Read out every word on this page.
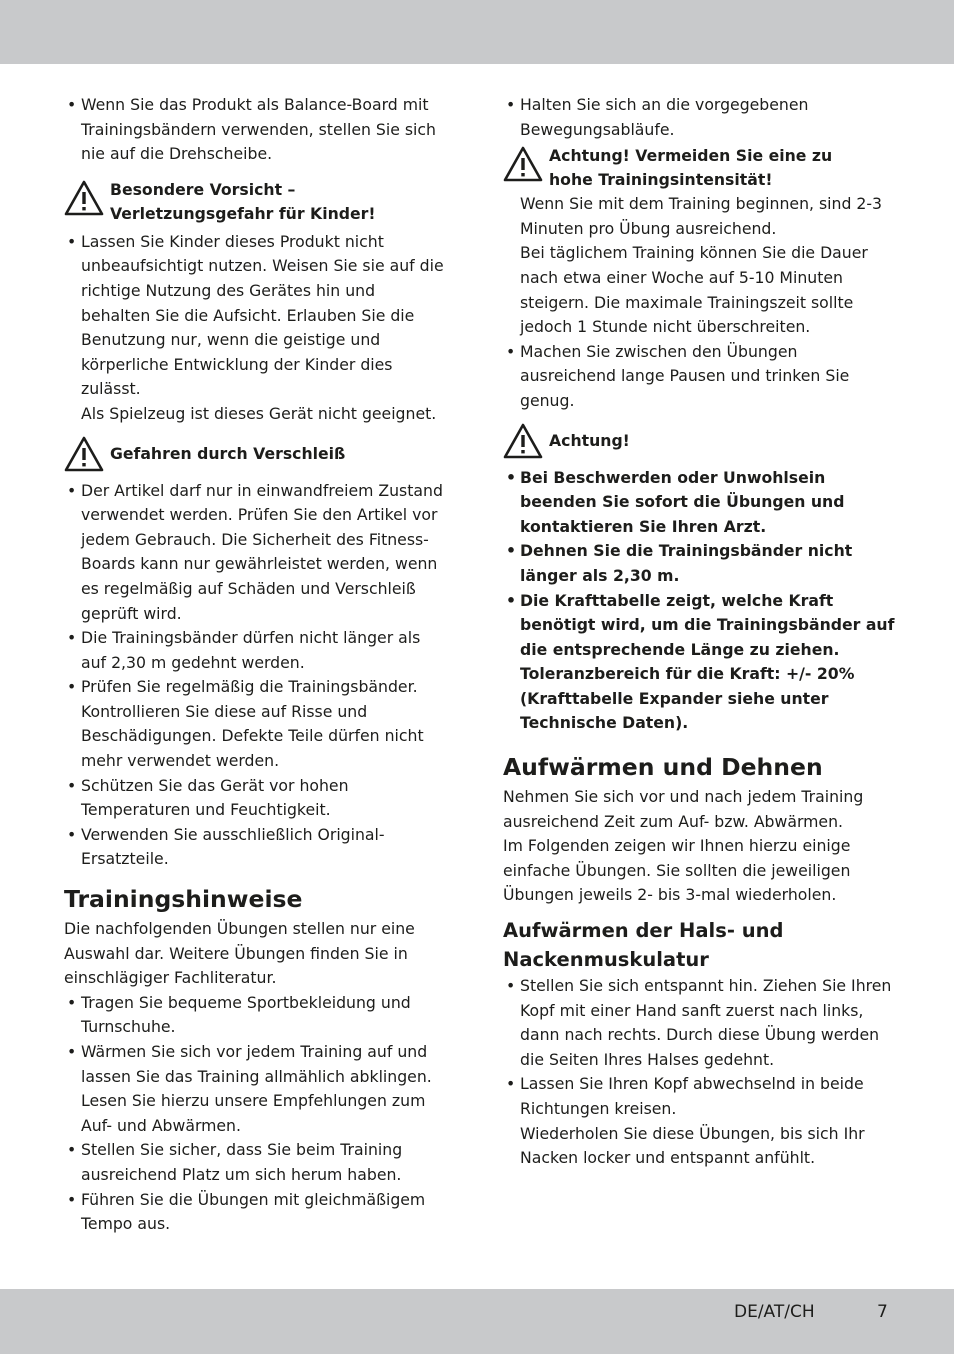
• Wenn Sie das Produkt als Balance-Board mit Trainingsbändern verwenden, stellen Sie sich nie auf die Drehscheibe.
Besondere Vorsicht –
Verletzungsgefahr für Kinder!
• Lassen Sie Kinder dieses Produkt nicht unbeaufsichtigt nutzen. Weisen Sie sie auf die richtige Nutzung des Gerätes hin und behalten Sie die Aufsicht. Erlauben Sie die Benutzung nur, wenn die geistige und körperliche Entwicklung der Kinder dies zulässt.
Als Spielzeug ist dieses Gerät nicht geeignet.
Gefahren durch Verschleiß
• Der Artikel darf nur in einwandfreiem Zustand verwendet werden. Prüfen Sie den Artikel vor jedem Gebrauch. Die Sicherheit des Fitness-Boards kann nur gewährleistet werden, wenn es regelmäßig auf Schäden und Verschleiß geprüft wird.
• Die Trainingsbänder dürfen nicht länger als auf 2,30 m gedehnt werden.
• Prüfen Sie regelmäßig die Trainingsbänder. Kontrollieren Sie diese auf Risse und Beschädigungen. Defekte Teile dürfen nicht mehr verwendet werden.
• Schützen Sie das Gerät vor hohen Temperaturen und Feuchtigkeit.
• Verwenden Sie ausschließlich Original-Ersatzteile.
Trainingshinweise
Die nachfolgenden Übungen stellen nur eine Auswahl dar. Weitere Übungen finden Sie in einschlägiger Fachliteratur.
• Tragen Sie bequeme Sportbekleidung und Turnschuhe.
• Wärmen Sie sich vor jedem Training auf und lassen Sie das Training allmählich abklingen. Lesen Sie hierzu unsere Empfehlungen zum Auf- und Abwärmen.
• Stellen Sie sicher, dass Sie beim Training ausreichend Platz um sich herum haben.
• Führen Sie die Übungen mit gleichmäßigem Tempo aus.
• Halten Sie sich an die vorgegebenen Bewegungsabläufe.
Achtung! Vermeiden Sie eine zu
hohe Trainingsintensität!
Wenn Sie mit dem Training beginnen, sind 2-3 Minuten pro Übung ausreichend.
Bei täglichem Training können Sie die Dauer nach etwa einer Woche auf 5-10 Minuten steigern. Die maximale Trainingszeit sollte jedoch 1 Stunde nicht überschreiten.
• Machen Sie zwischen den Übungen ausreichend lange Pausen und trinken Sie genug.
Achtung!
• Bei Beschwerden oder Unwohlsein beenden Sie sofort die Übungen und kontaktieren Sie Ihren Arzt.
• Dehnen Sie die Trainingsbänder nicht länger als 2,30 m.
• Die Krafttabelle zeigt, welche Kraft benötigt wird, um die Trainingsbänder auf die entsprechende Länge zu ziehen. Toleranzbereich für die Kraft: +/- 20% (Krafttabelle Expander siehe unter Technische Daten).
Aufwärmen und Dehnen
Nehmen Sie sich vor und nach jedem Training ausreichend Zeit zum Auf- bzw. Abwärmen.
Im Folgenden zeigen wir Ihnen hierzu einige einfache Übungen. Sie sollten die jeweiligen Übungen jeweils 2- bis 3-mal wiederholen.
Aufwärmen der Hals- und
Nackenmuskulatur
• Stellen Sie sich entspannt hin. Ziehen Sie Ihren Kopf mit einer Hand sanft zuerst nach links, dann nach rechts. Durch diese Übung werden die Seiten Ihres Halses gedehnt.
• Lassen Sie Ihren Kopf abwechselnd in beide Richtungen kreisen.
Wiederholen Sie diese Übungen, bis sich Ihr Nacken locker und entspannt anfühlt.
DE/AT/CH	7
